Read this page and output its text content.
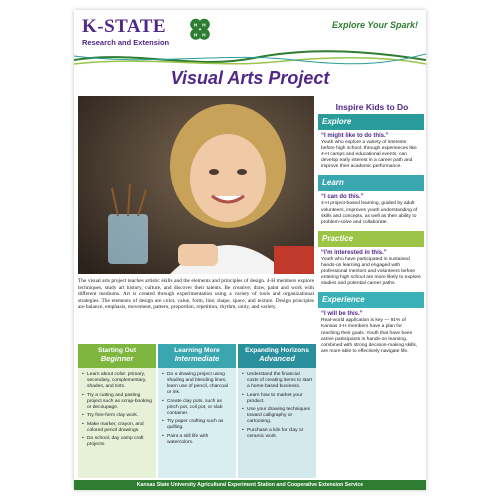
K-STATE
Research and Extension
H H
H H
Explore Your Spark!
Visual Arts Project
Inspire Kids to Do
Explore
“I might like to do this.”
Youth who explore a variety of interests before high school, through experiences like 4-H camps and educational events, can develop early interest in a career path and improve their academic performance.
Learn
“I can do this.”
4-H project-based learning, guided by adult volunteers, improves youth understanding of skills and concepts, as well as their ability to problem-solve and collaborate.
Practice
“I'm interested in this.”
Youth who have participated in sustained hands-on learning and engaged with professional mentors and volunteers before entering high school are more likely to explore studies and potential career paths.
Experience
“I will be this.”
Real-world application is key — 91% of Kansas 4-H members have a plan for reaching their goals. Youth that have been active participants in hands-on learning, combined with strong decision-making skills, are more able to effectively navigate life.
The visual arts project teaches artistic skills and the elements and principles of design. 4-H members explore techniques, study art history, culture, and discover their talents. Be creative; draw, paint and work with different mediums. Art is created through experimentation using a variety of tools and organizational strategies. The elements of design are color, value, form, line, shape, space, and texture. Design principles are balance, emphasis, movement, pattern, proportion, repetition, rhythm, unity, and variety.
Starting Out
Beginner
• Learn about color: primary, secondary, complementary, shades, and tints.
• Try a cutting and pasting project such as scrap-booking or decoupage.
• Try free-form clay work.
• Make marker, crayon, and colored pencil drawings.
• Do school, day camp craft projects.
Learning More
Intermediate
• Do a drawing project using shading and blending lines; learn use of pencil, charcoal or ink.
• Create clay pots, such as pinch pot, coil pot, or slab container.
• Try paper crafting such as quilling.
• Paint a still life with watercolors.
Expanding Horizons
Advanced
• Understand the financial costs of creating items to start a home-based business.
• Learn how to market your product.
• Use your drawing techniques toward calligraphy or cartooning.
• Purchase a kiln for clay or ceramic work.
Kansas State University Agricultural Experiment Station and Cooperative Extension Service
